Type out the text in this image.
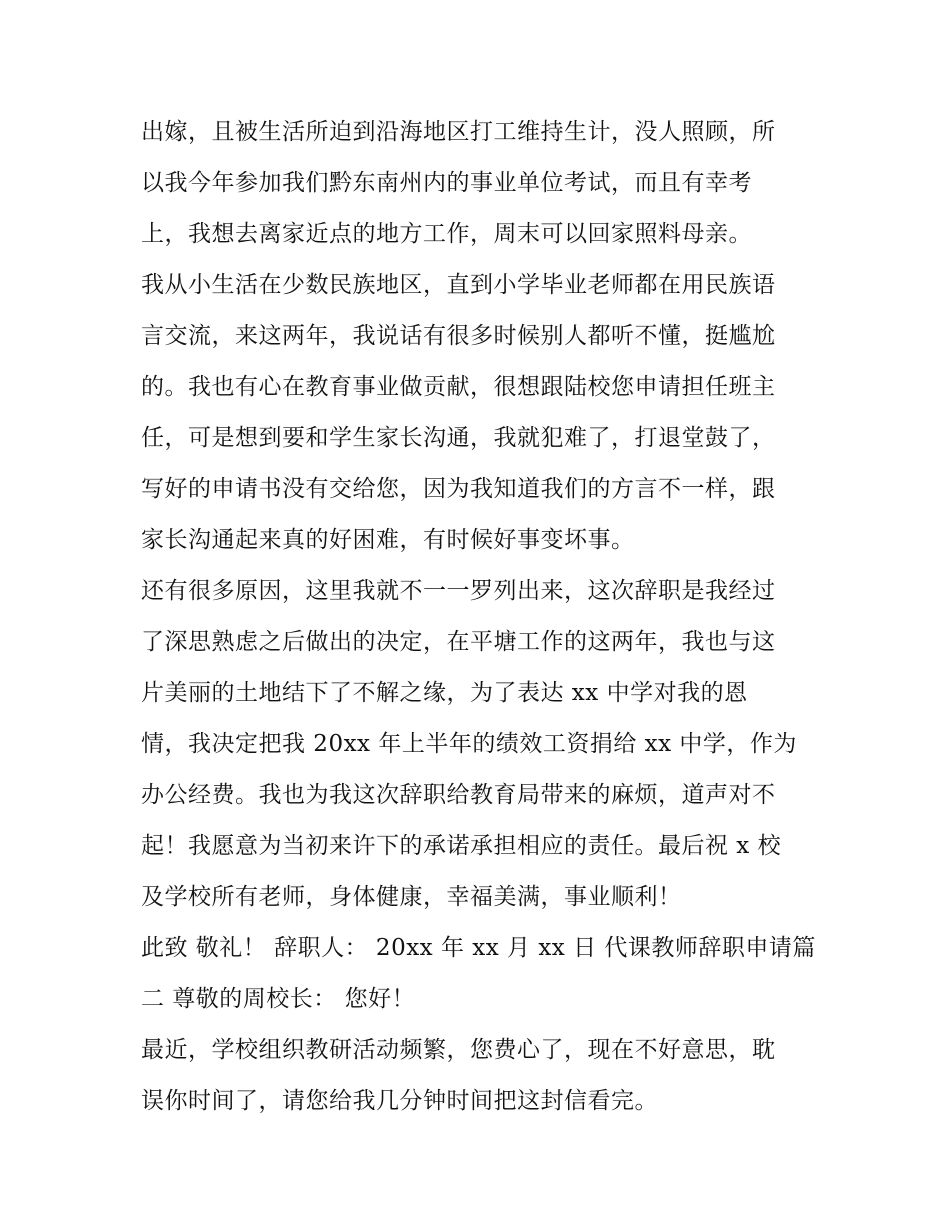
出嫁，且被生活所迫到沿海地区打工维持生计，没人照顾，所
以我今年参加我们黔东南州内的事业单位考试，而且有幸考
上，我想去离家近点的地方工作，周末可以回家照料母亲。
我从小生活在少数民族地区，直到小学毕业老师都在用民族语
言交流，来这两年，我说话有很多时候别人都听不懂，挺尴尬
的。我也有心在教育事业做贡献，很想跟陆校您申请担任班主
任，可是想到要和学生家长沟通，我就犯难了，打退堂鼓了，
写好的申请书没有交给您，因为我知道我们的方言不一样，跟
家长沟通起来真的好困难，有时候好事变坏事。
还有很多原因，这里我就不一一罗列出来，这次辞职是我经过
了深思熟虑之后做出的决定，在平塘工作的这两年，我也与这
片美丽的土地结下了不解之缘，为了表达 xx 中学对我的恩
情，我决定把我 20xx 年上半年的绩效工资捐给 xx 中学，作为
办公经费。我也为我这次辞职给教育局带来的麻烦，道声对不
起！我愿意为当初来许下的承诺承担相应的责任。最后祝 x 校
及学校所有老师，身体健康，幸福美满，事业顺利！
此致 敬礼！ 辞职人： 20xx 年 xx 月 xx 日 代课教师辞职申请篇
二 尊敬的周校长： 您好！
最近，学校组织教研活动频繁，您费心了，现在不好意思，耽
误你时间了，请您给我几分钟时间把这封信看完。
